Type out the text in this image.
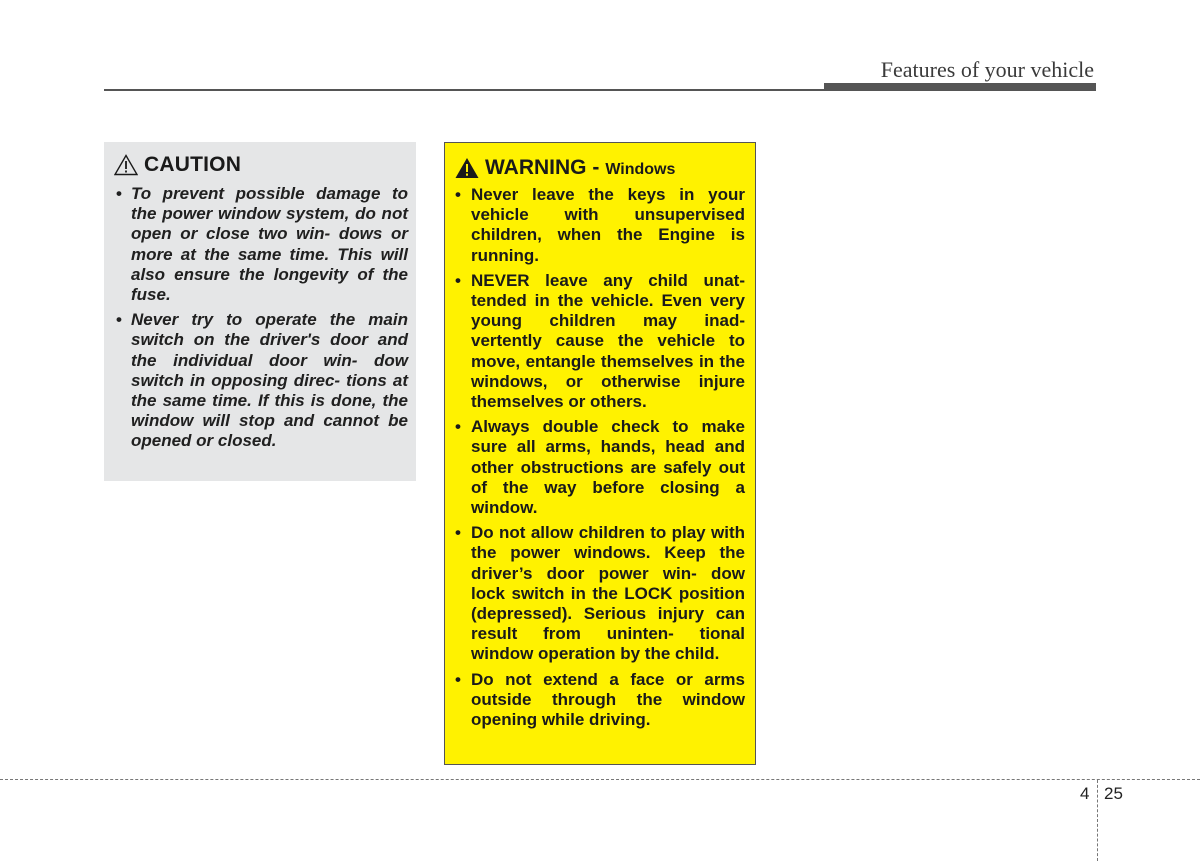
Features of your vehicle
CAUTION
• To prevent possible damage to the power window system, do not open or close two win- dows or more at the same time. This will also ensure the longevity of the fuse.
• Never try to operate the main switch on the driver's door and the individual door win- dow switch in opposing direc- tions at the same time. If this is done, the window will stop and cannot be opened or closed.
WARNING - Windows
• Never leave the keys in your vehicle with unsupervised children, when the Engine is running.
• NEVER leave any child unat- tended in the vehicle. Even very young children may inad- vertently cause the vehicle to move, entangle themselves in the windows, or otherwise injure themselves or others.
• Always double check to make sure all arms, hands, head and other obstructions are safely out of the way before closing a window.
• Do not allow children to play with the power windows. Keep the driver’s door power win- dow lock switch in the LOCK position (depressed). Serious injury can result from uninten- tional window operation by the child.
• Do not extend a face or arms outside through the window opening while driving.
4 25
